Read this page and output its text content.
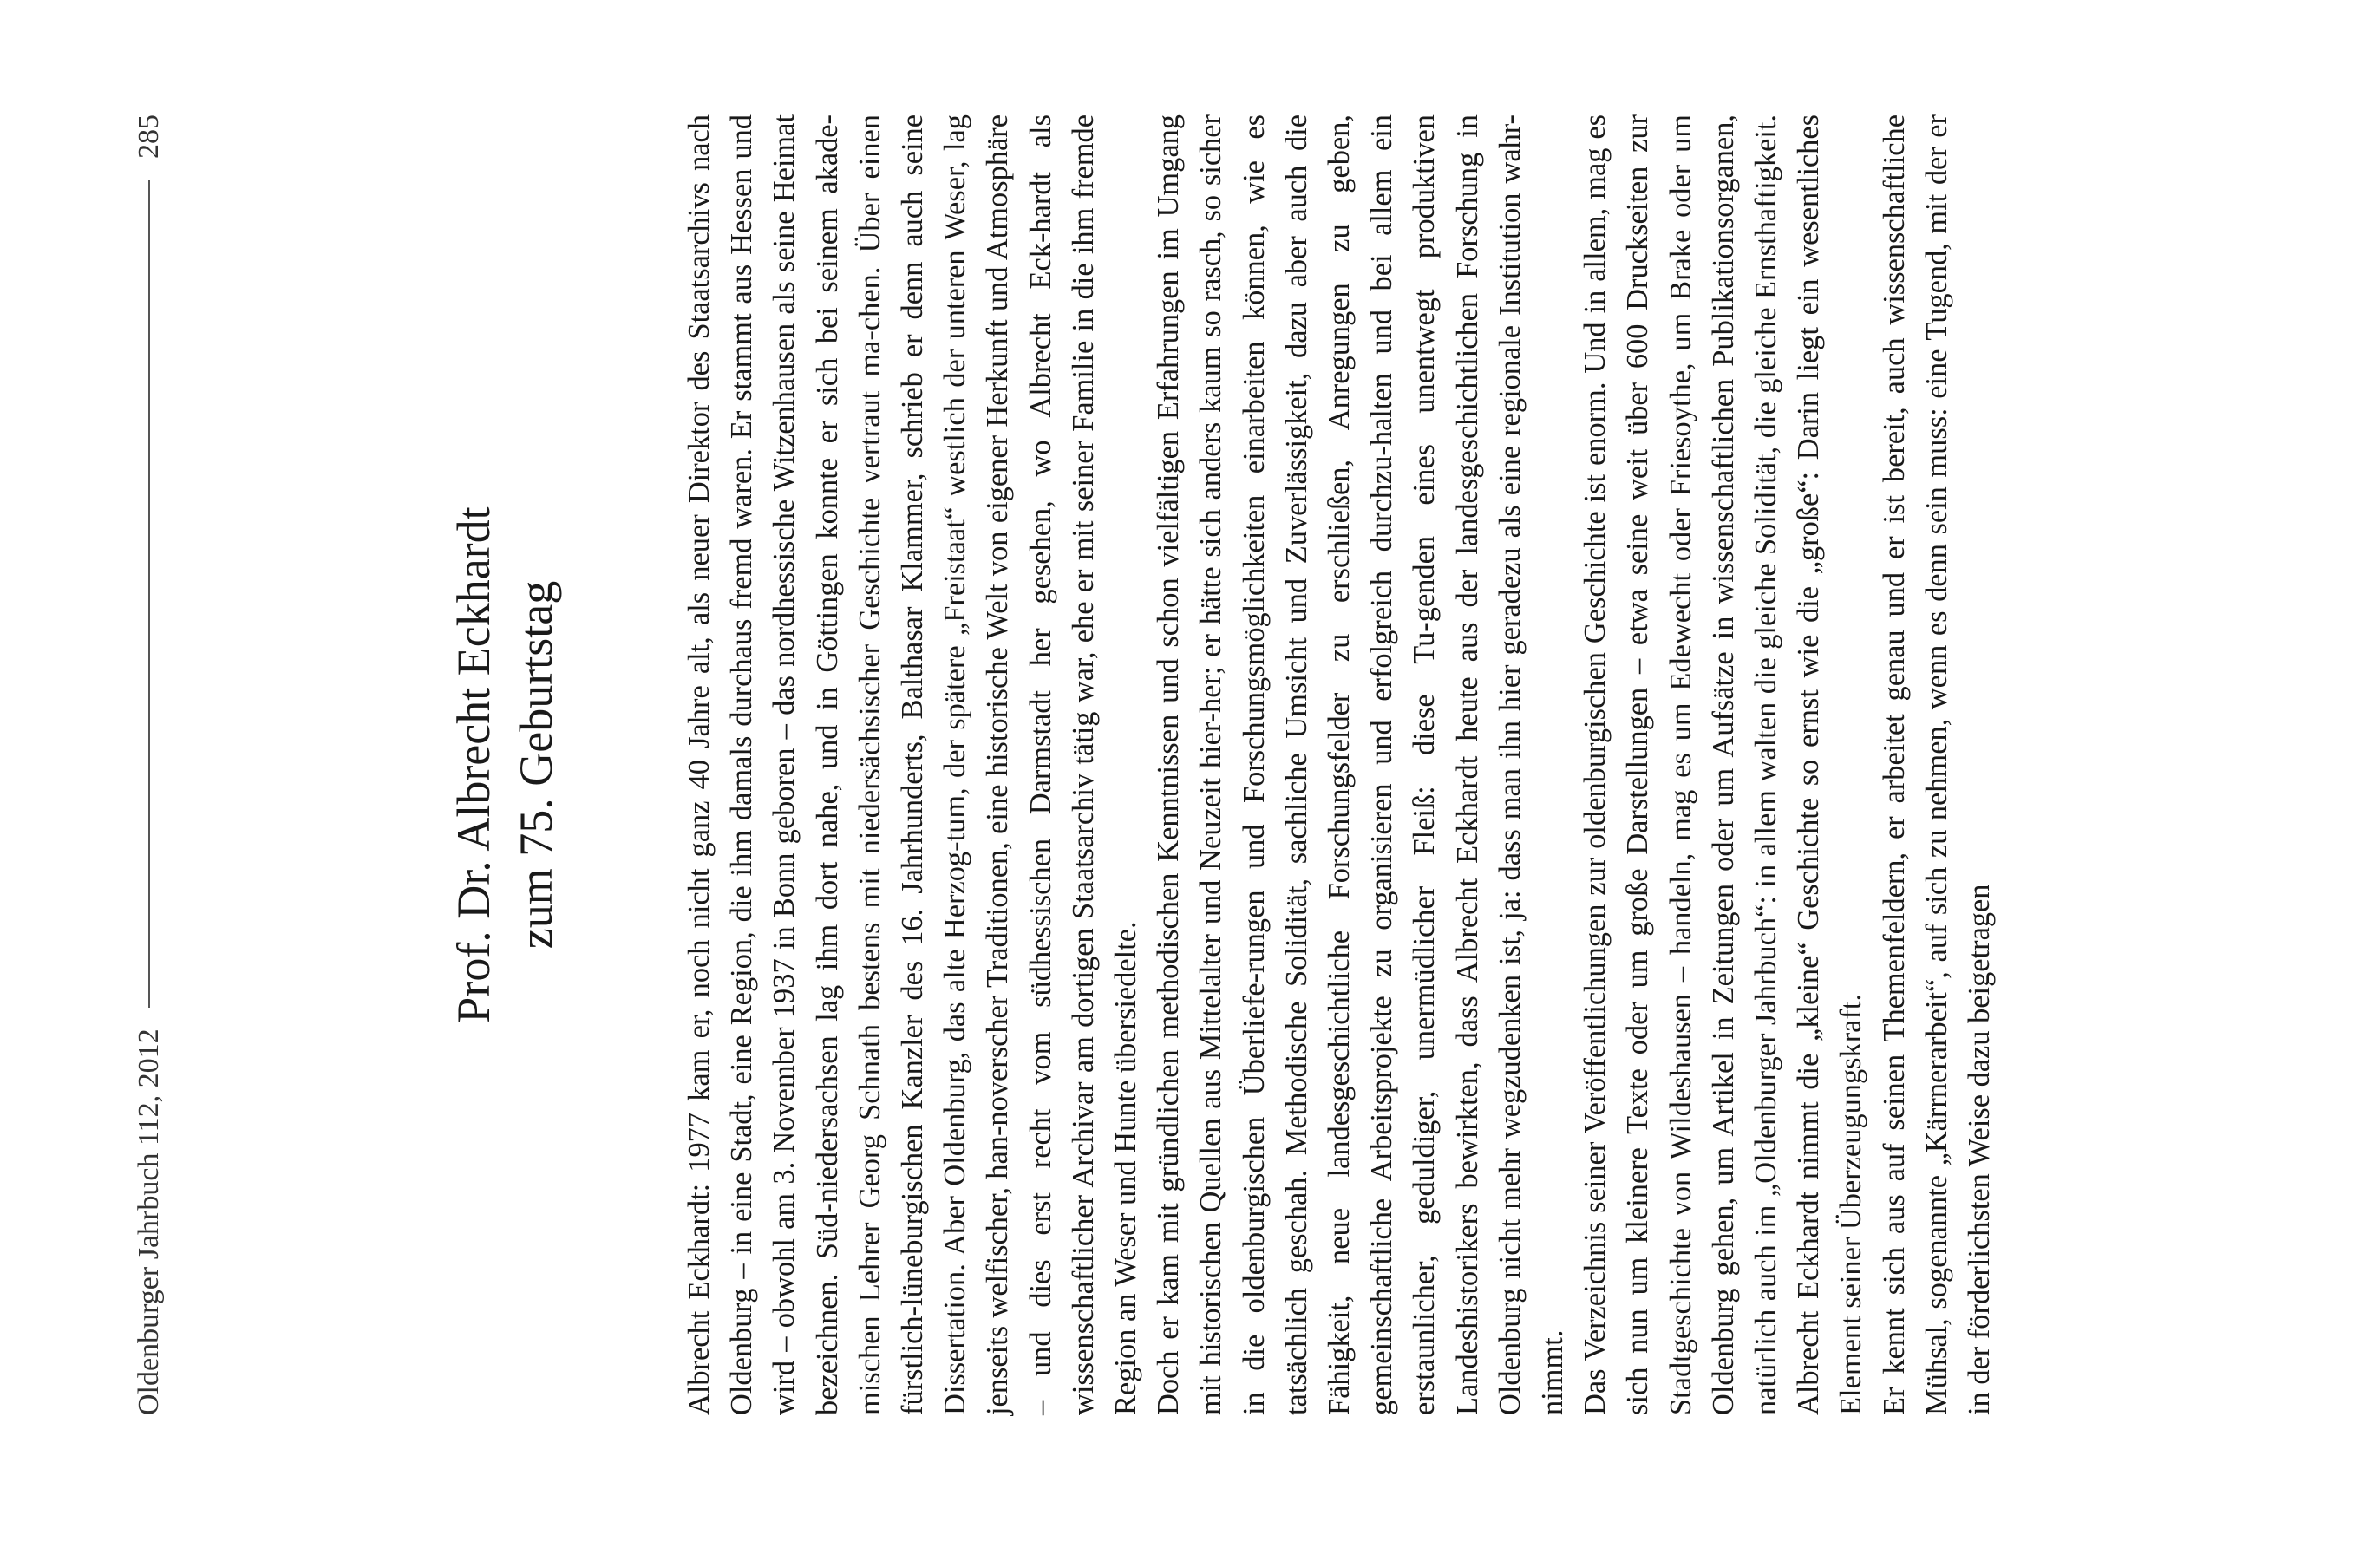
Oldenburger Jahrbuch 112, 2012
285
Prof. Dr. Albrecht Eckhardt zum 75. Geburtstag	Albrecht Eckhardt: 1977 kam er, noch nicht ganz 40 Jahre alt, als neuer Direktor des Staatsarchivs nach Oldenburg – in eine Stadt, eine Region, die ihm damals durchaus fremd waren. Er stammt aus Hessen und wird – obwohl am 3. November 1937 in Bonn geboren – das nordhessische Witzenhausen als seine Heimat bezeichnen. Süd-niedersachsen lag ihm dort nahe, und in Göttingen konnte er sich bei seinem akade-mischen Lehrer Georg Schnath bestens mit niedersächsischer Geschichte vertraut ma-chen. Über einen fürstlich-lüneburgischen Kanzler des 16. Jahrhunderts, Balthasar Klammer, schrieb er denn auch seine Dissertation. Aber Oldenburg, das alte Herzog-tum, der spätere „Freistaat“ westlich der unteren Weser, lag jenseits welfischer, han-noverscher Traditionen, eine historische Welt von eigener Herkunft und Atmosphäre – und dies erst recht vom südhessischen Darmstadt her gesehen, wo Albrecht Eck-hardt als wissenschaftlicher Archivar am dortigen Staatsarchiv tätig war, ehe er mit seiner Familie in die ihm fremde Region an Weser und Hunte übersiedelte. Doch er kam mit gründlichen methodischen Kenntnissen und schon vielfältigen Erfahrungen im Umgang mit historischen Quellen aus Mittelalter und Neuzeit hier-her; er hätte sich anders kaum so rasch, so sicher in die oldenburgischen Überliefe-rungen und Forschungsmöglichkeiten einarbeiten können, wie es tatsächlich geschah. Methodische Solidität, sachliche Umsicht und Zuverlässigkeit, dazu aber auch die Fähigkeit, neue landesgeschichtliche Forschungsfelder zu erschließen, Anregungen zu geben, gemeinschaftliche Arbeitsprojekte zu organisieren und erfolgreich durchzu-halten und bei allem ein erstaunlicher, geduldiger, unermüdlicher Fleiß: diese Tu-genden eines unentwegt produktiven Landeshistorikers bewirkten, dass Albrecht Eckhardt heute aus der landesgeschichtlichen Forschung in Oldenburg nicht mehr wegzudenken ist, ja: dass man ihn hier geradezu als eine regionale Institution wahr-nimmt. Das Verzeichnis seiner Veröffentlichungen zur oldenburgischen Geschichte ist enorm. Und in allem, mag es sich nun um kleinere Texte oder um große Darstellungen – etwa seine weit über 600 Druckseiten zur Stadtgeschichte von Wildeshausen – handeln, mag es um Edewecht oder Friesoythe, um Brake oder um Oldenburg gehen, um Artikel in Zeitungen oder um Aufsätze in wissenschaftlichen Publikationsorganen, natürlich auch im „Oldenburger Jahrbuch“: in allem walten die gleiche Solidität, die gleiche Ernsthaftigkeit. Albrecht Eckhardt nimmt die „kleine“ Geschichte so ernst wie die „große“: Darin liegt ein wesentliches Element seiner Überzeugungskraft. Er kennt sich aus auf seinen Themenfeldern, er arbeitet genau und er ist bereit, auch wissenschaftliche Mühsal, sogenannte „Kärrnerarbeit“, auf sich zu nehmen, wenn es denn sein muss: eine Tugend, mit der er in der förderlichsten Weise dazu beigetragen
